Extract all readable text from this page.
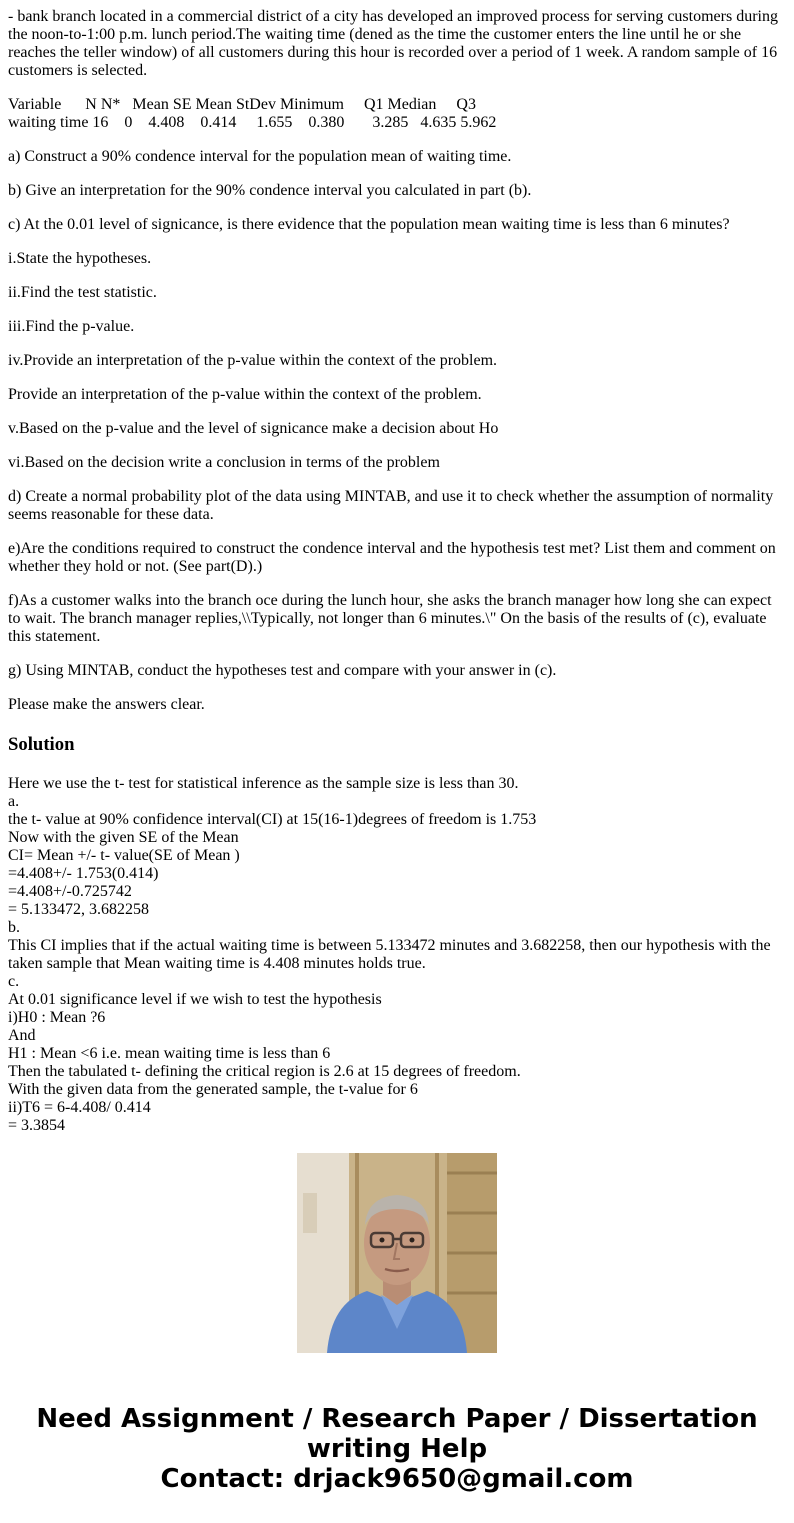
- bank branch located in a commercial district of a city has developed an improved process for serving customers during the noon-to-1:00 p.m. lunch period.The waiting time (dened as the time the customer enters the line until he or she reaches the teller window) of all customers during this hour is recorded over a period of 1 week. A random sample of 16 customers is selected.

Variable      N N*   Mean SE Mean StDev Minimum     Q1 Median     Q3
waiting time 16    0    4.408    0.414     1.655    0.380       3.285   4.635 5.962

a) Construct a 90% condence interval for the population mean of waiting time.

b) Give an interpretation for the 90% condence interval you calculated in part (b).

c) At the 0.01 level of signicance, is there evidence that the population mean waiting time is less than 6 minutes?

i.State the hypotheses.

ii.Find the test statistic.

iii.Find the p-value.

iv.Provide an interpretation of the p-value within the context of the problem.

Provide an interpretation of the p-value within the context of the problem.

v.Based on the p-value and the level of signicance make a decision about Ho

vi.Based on the decision write a conclusion in terms of the problem

d) Create a normal probability plot of the data using MINTAB, and use it to check whether the assumption of normality seems reasonable for these data.

e)Are the conditions required to construct the condence interval and the hypothesis test met? List them and comment on whether they hold or not. (See part(D).)

f)As a customer walks into the branch oce during the lunch hour, she asks the branch manager how long she can expect to wait. The branch manager replies,\\Typically, not longer than 6 minutes.\" On the basis of the results of (c), evaluate this statement.

g) Using MINTAB, conduct the hypotheses test and compare with your answer in (c).

Please make the answers clear.

Solution
Here we use the t- test for statistical inference as the sample size is less than 30.
a.
the t- value at 90% confidence interval(CI) at 15(16-1)degrees of freedom is 1.753
Now with the given SE of the Mean
CI= Mean +/- t- value(SE of Mean )
=4.408+/- 1.753(0.414)
=4.408+/-0.725742
= 5.133472, 3.682258
b.
This CI implies that if the actual waiting time is between 5.133472 minutes and 3.682258, then our hypothesis with the taken sample that Mean waiting time is 4.408 minutes holds true.
c.
At 0.01 significance level if we wish to test the hypothesis
i)H0 : Mean ?6
And
H1 : Mean <6 i.e. mean waiting time is less than 6
Then the tabulated t- defining the critical region is 2.6 at 15 degrees of freedom.
With the given data from the generated sample, the t-value for 6
ii)T6 = 6-4.408/ 0.414
= 3.3854
Need Assignment / Research Paper / Dissertation
writing Help
Contact: drjack9650@gmail.com
